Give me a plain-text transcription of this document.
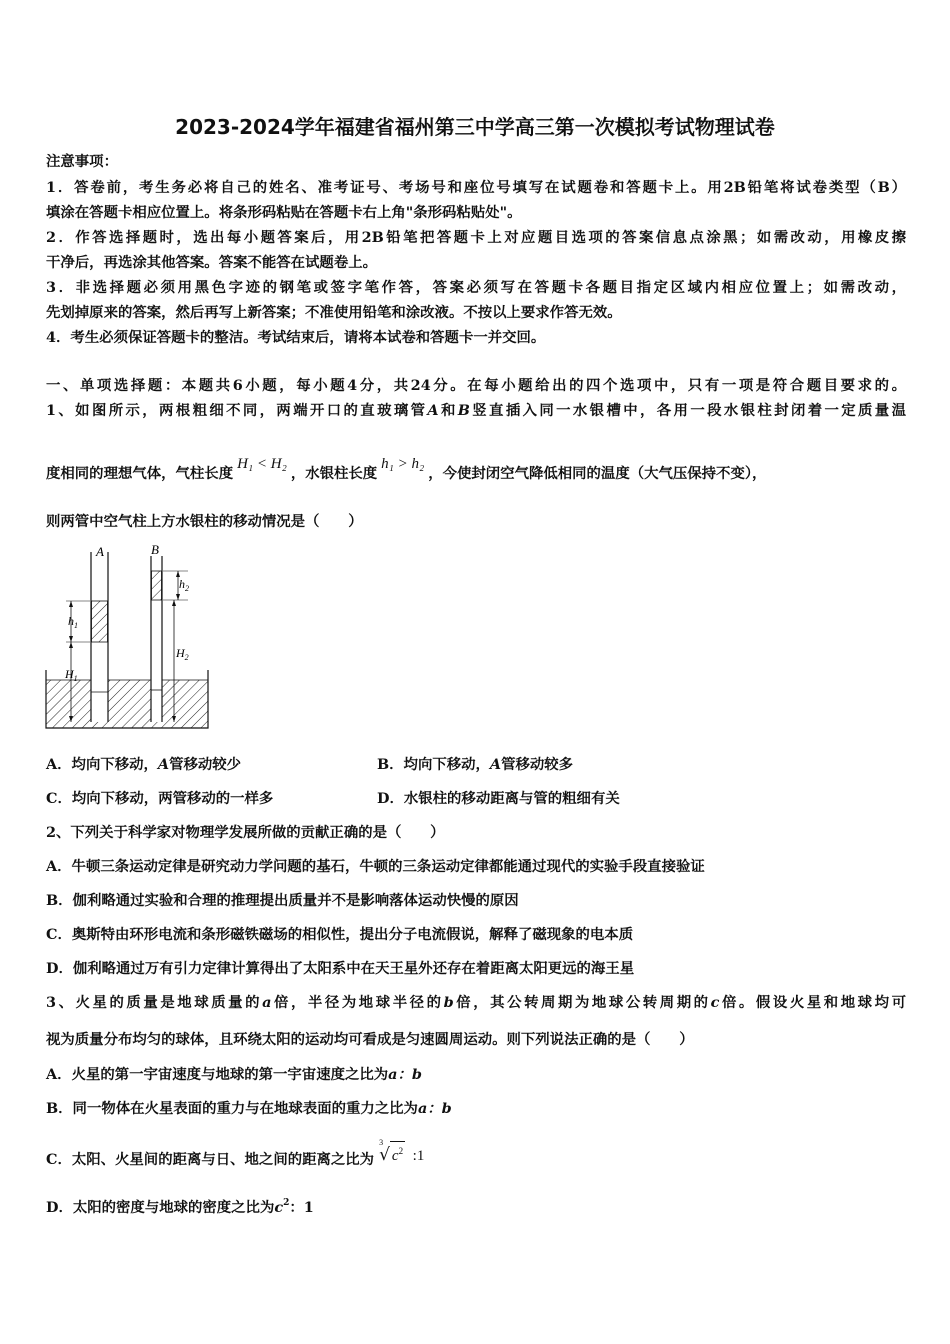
2023-2024学年福建省福州第三中学高三第一次模拟考试物理试卷
注意事项：
1．答卷前，考生务必将自己的姓名、准考证号、考场号和座位号填写在试题卷和答题卡上。用2B铅笔将试卷类型（B）
填涂在答题卡相应位置上。将条形码粘贴在答题卡右上角"条形码粘贴处"。
2．作答选择题时，选出每小题答案后，用2B铅笔把答题卡上对应题目选项的答案信息点涂黑；如需改动，用橡皮擦
干净后，再选涂其他答案。答案不能答在试题卷上。
3．非选择题必须用黑色字迹的钢笔或签字笔作答，答案必须写在答题卡各题目指定区域内相应位置上；如需改动，
先划掉原来的答案，然后再写上新答案；不准使用铅笔和涂改液。不按以上要求作答无效。
4．考生必须保证答题卡的整洁。考试结束后，请将本试卷和答题卡一并交回。
一、单项选择题：本题共6小题，每小题4分，共24分。在每小题给出的四个选项中，只有一项是符合题目要求的。
1、如图所示，两根粗细不同，两端开口的直玻璃管A和B竖直插入同一水银槽中，各用一段水银柱封闭着一定质量温
度相同的理想气体，气柱长度H₁ < H₂，水银柱长度h₁ > h₂，今使封闭空气降低相同的温度（大气压保持不变），
则两管中空气柱上方水银柱的移动情况是（　　）
A	B
$h_1$
$H_1$
$h_2$
$H_2$
A．均向下移动，A管移动较少	B．均向下移动，A管移动较多
C．均向下移动，两管移动的一样多	D．水银柱的移动距离与管的粗细有关
2、下列关于科学家对物理学发展所做的贡献正确的是（　　）
A．牛顿三条运动定律是研究动力学问题的基石，牛顿的三条运动定律都能通过现代的实验手段直接验证
B．伽利略通过实验和合理的推理提出质量并不是影响落体运动快慢的原因
C．奥斯特由环形电流和条形磁铁磁场的相似性，提出分子电流假说，解释了磁现象的电本质
D．伽利略通过万有引力定律计算得出了太阳系中在天王星外还存在着距离太阳更远的海王星
3、火星的质量是地球质量的a倍，半径为地球半径的b倍，其公转周期为地球公转周期的c倍。假设火星和地球均可
视为质量分布均匀的球体，且环绕太阳的运动均可看成是匀速圆周运动。则下列说法正确的是（　　）
A．火星的第一宇宙速度与地球的第一宇宙速度之比为a：b
B．同一物体在火星表面的重力与在地球表面的重力之比为a：b
C．太阳、火星间的距离与日、地之间的距离之比为
3
√ $c^2$ :1
D．太阳的密度与地球的密度之比为$c^2$：1
